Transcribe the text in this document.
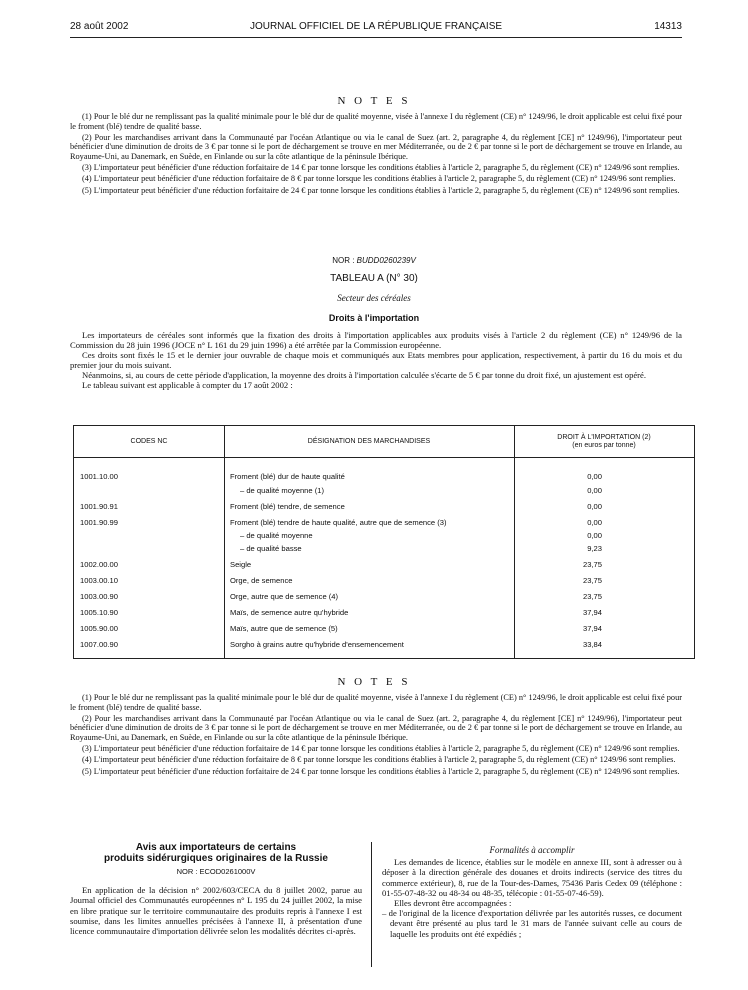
28 août 2002	JOURNAL OFFICIEL DE LA RÉPUBLIQUE FRANÇAISE	14313
N O T E S

(1) Pour le blé dur ne remplissant pas la qualité minimale pour le blé dur de qualité moyenne, visée à l'annexe I du règlement (CE) n° 1249/96, le droit applicable est celui fixé pour le froment (blé) tendre de qualité basse.

(2) Pour les marchandises arrivant dans la Communauté par l'océan Atlantique ou via le canal de Suez (art. 2, paragraphe 4, du règlement [CE] n° 1249/96), l'importateur peut bénéficier d'une diminution de droits de 3 € par tonne si le port de déchargement se trouve en mer Méditerranée, ou de 2 € par tonne si le port de déchargement se trouve en Irlande, au Royaume-Uni, au Danemark, en Suède, en Finlande ou sur la côte atlantique de la péninsule Ibérique.

(3) L'importateur peut bénéficier d'une réduction forfaitaire de 14 € par tonne lorsque les conditions établies à l'article 2, paragraphe 5, du règlement (CE) n° 1249/96 sont remplies.

(4) L'importateur peut bénéficier d'une réduction forfaitaire de 8 € par tonne lorsque les conditions établies à l'article 2, paragraphe 5, du règlement (CE) n° 1249/96 sont remplies.

(5) L'importateur peut bénéficier d'une réduction forfaitaire de 24 € par tonne lorsque les conditions établies à l'article 2, paragraphe 5, du règlement (CE) n° 1249/96 sont remplies.

NOR : BUDD0260239V
TABLEAU A (N° 30)
Secteur des céréales
Droits à l'importation

Les importateurs de céréales sont informés que la fixation des droits à l'importation applicables aux produits visés à l'article 2 du règlement (CE) n° 1249/96 de la Commission du 28 juin 1996 (JOCE n° L 161 du 29 juin 1996) a été arrêtée par la Commission européenne.

Ces droits sont fixés le 15 et le dernier jour ouvrable de chaque mois et communiqués aux Etats membres pour application, respectivement, à partir du 16 du mois et du premier jour du mois suivant.

Néanmoins, si, au cours de cette période d'application, la moyenne des droits à l'importation calculée s'écarte de 5 € par tonne du droit fixé, un ajustement est opéré.

Le tableau suivant est applicable à compter du 17 août 2002 :

CODES NC	DÉSIGNATION DES MARCHANDISES
DROIT À L'IMPORTATION (2)
(en euros par tonne)
1001.10.00	Froment (blé) dur de haute qualité	0,00
– de qualité moyenne (1)	0,00
1001.90.91	Froment (blé) tendre, de semence	0,00
1001.90.99	Froment (blé) tendre de haute qualité, autre que de semence (3)	0,00
– de qualité moyenne	0,00
– de qualité basse	9,23
1002.00.00	Seigle	23,75
1003.00.10	Orge, de semence	23,75
1003.00.90	Orge, autre que de semence (4)	23,75
1005.10.90	Maïs, de semence autre qu'hybride	37,94
1005.90.00	Maïs, autre que de semence (5)	37,94
1007.00.90	Sorgho à grains autre qu'hybride d'ensemencement	33,84
N O T E S

(1) Pour le blé dur ne remplissant pas la qualité minimale pour le blé dur de qualité moyenne, visée à l'annexe I du règlement (CE) n° 1249/96, le droit applicable est celui fixé pour le froment (blé) tendre de qualité basse.

(2) Pour les marchandises arrivant dans la Communauté par l'océan Atlantique ou via le canal de Suez (art. 2, paragraphe 4, du règlement [CE] n° 1249/96), l'importateur peut bénéficier d'une diminution de droits de 3 € par tonne si le port de déchargement se trouve en mer Méditerranée, ou de 2 € par tonne si le port de déchargement se trouve en Irlande, au Royaume-Uni, au Danemark, en Suède, en Finlande ou sur la côte atlantique de la péninsule Ibérique.

(3) L'importateur peut bénéficier d'une réduction forfaitaire de 14 € par tonne lorsque les conditions établies à l'article 2, paragraphe 5, du règlement (CE) n° 1249/96 sont remplies.

(4) L'importateur peut bénéficier d'une réduction forfaitaire de 8 € par tonne lorsque les conditions établies à l'article 2, paragraphe 5, du règlement (CE) n° 1249/96 sont remplies.

(5) L'importateur peut bénéficier d'une réduction forfaitaire de 24 € par tonne lorsque les conditions établies à l'article 2, paragraphe 5, du règlement (CE) n° 1249/96 sont remplies.

Avis aux importateurs de certains
produits sidérurgiques originaires de la Russie
NOR : ECOD0261000V

En application de la décision n° 2002/603/CECA du 8 juillet 2002, parue au Journal officiel des Communautés européennes n° L 195 du 24 juillet 2002, la mise en libre pratique sur le territoire communautaire des produits repris à l'annexe I est soumise, dans les limites annuelles précisées à l'annexe II, à présentation d'une licence communautaire d'importation délivrée selon les modalités décrites ci-après.

Formalités à accomplir

Les demandes de licence, établies sur le modèle en annexe III, sont à adresser ou à déposer à la direction générale des douanes et droits indirects (service des titres du commerce extérieur), 8, rue de la Tour-des-Dames, 75436 Paris Cedex 09 (téléphone : 01-55-07-48-32 ou 48-34 ou 48-35, télécopie : 01-55-07-46-59).

Elles devront être accompagnées :

– de l'original de la licence d'exportation délivrée par les autorités russes, ce document devant être présenté au plus tard le 31 mars de l'année suivant celle au cours de laquelle les produits ont été expédiés ;
